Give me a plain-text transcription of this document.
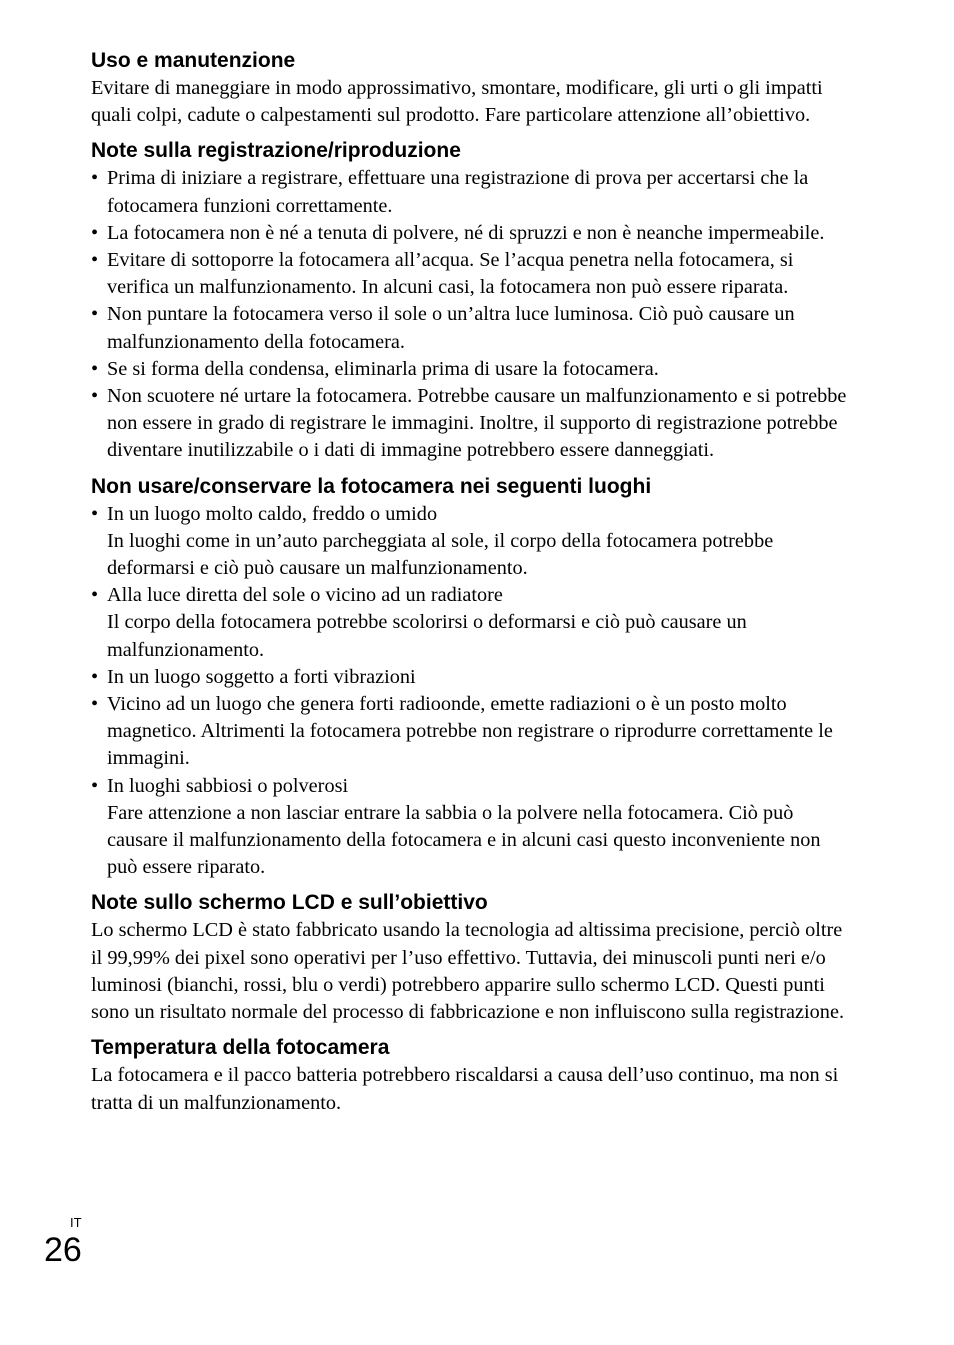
Uso e manutenzione

Evitare di maneggiare in modo approssimativo, smontare, modificare, gli urti o gli impatti quali colpi, cadute o calpestamenti sul prodotto. Fare particolare attenzione all’obiettivo.

Note sulla registrazione/riproduzione
• Prima di iniziare a registrare, effettuare una registrazione di prova per accertarsi che la fotocamera funzioni correttamente.
• La fotocamera non è né a tenuta di polvere, né di spruzzi e non è neanche impermeabile.
• Evitare di sottoporre la fotocamera all’acqua. Se l’acqua penetra nella fotocamera, si verifica un malfunzionamento. In alcuni casi, la fotocamera non può essere riparata.
• Non puntare la fotocamera verso il sole o un’altra luce luminosa. Ciò può causare un malfunzionamento della fotocamera.
• Se si forma della condensa, eliminarla prima di usare la fotocamera.
• Non scuotere né urtare la fotocamera. Potrebbe causare un malfunzionamento e si potrebbe non essere in grado di registrare le immagini. Inoltre, il supporto di registrazione potrebbe diventare inutilizzabile o i dati di immagine potrebbero essere danneggiati.
Non usare/conservare la fotocamera nei seguenti luoghi
• In un luogo molto caldo, freddo o umido
In luoghi come in un’auto parcheggiata al sole, il corpo della fotocamera potrebbe deformarsi e ciò può causare un malfunzionamento.
• Alla luce diretta del sole o vicino ad un radiatore
Il corpo della fotocamera potrebbe scolorirsi o deformarsi e ciò può causare un malfunzionamento.
• In un luogo soggetto a forti vibrazioni
• Vicino ad un luogo che genera forti radioonde, emette radiazioni o è un posto molto magnetico. Altrimenti la fotocamera potrebbe non registrare o riprodurre correttamente le immagini.
• In luoghi sabbiosi o polverosi
Fare attenzione a non lasciar entrare la sabbia o la polvere nella fotocamera. Ciò può causare il malfunzionamento della fotocamera e in alcuni casi questo inconveniente non può essere riparato.
Note sullo schermo LCD e sull’obiettivo

Lo schermo LCD è stato fabbricato usando la tecnologia ad altissima precisione, perciò oltre il 99,99% dei pixel sono operativi per l’uso effettivo. Tuttavia, dei minuscoli punti neri e/o luminosi (bianchi, rossi, blu o verdi) potrebbero apparire sullo schermo LCD. Questi punti sono un risultato normale del processo di fabbricazione e non influiscono sulla registrazione.

Temperatura della fotocamera

La fotocamera e il pacco batteria potrebbero riscaldarsi a causa dell’uso continuo, ma non si tratta di un malfunzionamento.

IT
26
